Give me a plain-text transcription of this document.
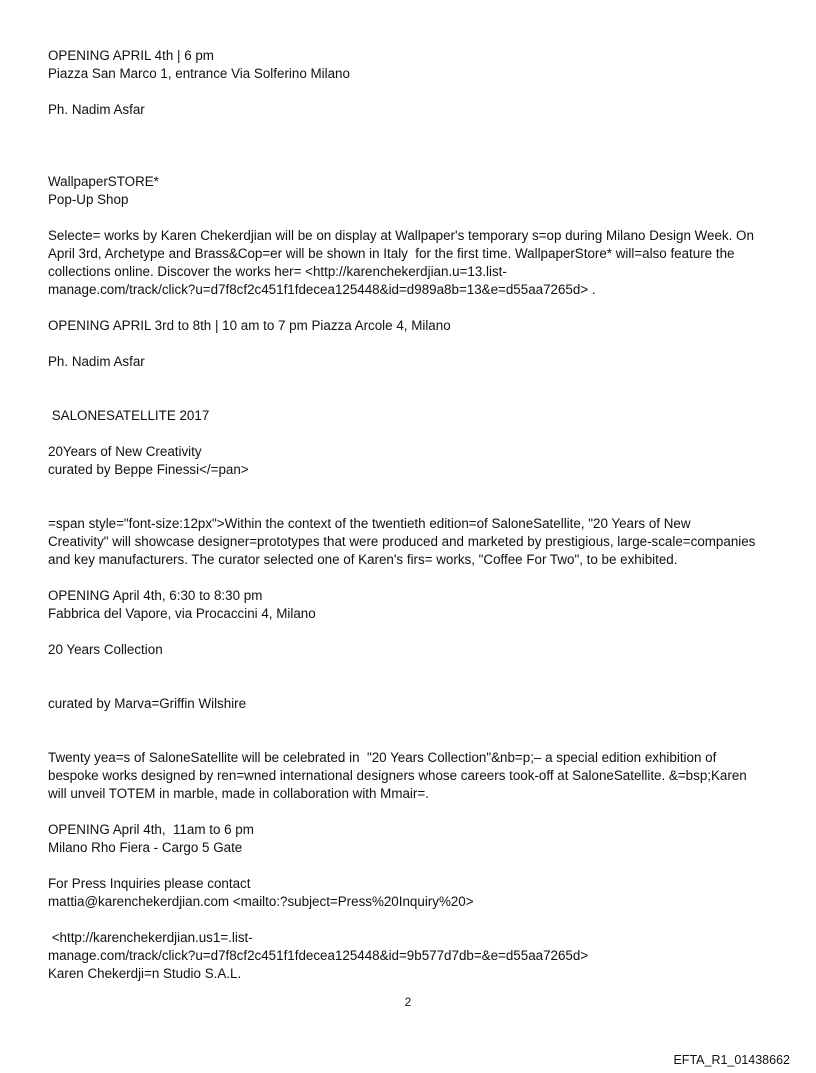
OPENING APRIL 4th | 6 pm
Piazza San Marco 1, entrance Via Solferino Milano
Ph. Nadim Asfar
WallpaperSTORE*
Pop-Up Shop
Selecte= works by Karen Chekerdjian will be on display at Wallpaper's temporary s=op during Milano Design Week. On
April 3rd, Archetype and Brass&Cop=er will be shown in Italy  for the first time. WallpaperStore* will=also feature the
collections online. Discover the works her= <http://karenchekerdjian.u=13.list-
manage.com/track/click?u=d7f8cf2c451f1fdecea125448&id=d989a8b=13&e=d55aa7265d> .
OPENING APRIL 3rd to 8th | 10 am to 7 pm Piazza Arcole 4, Milano
Ph. Nadim Asfar
SALONESATELLITE 2017
20Years of New Creativity
curated by Beppe Finessi</=pan>
=span style="font-size:12px">Within the context of the twentieth edition=of SaloneSatellite, "20 Years of New
Creativity" will showcase designer=prototypes that were produced and marketed by prestigious, large-scale=companies
and key manufacturers. The curator selected one of Karen's firs= works, "Coffee For Two", to be exhibited.
OPENING April 4th, 6:30 to 8:30 pm
Fabbrica del Vapore, via Procaccini 4, Milano
20 Years Collection
curated by Marva=Griffin Wilshire
Twenty yea=s of SaloneSatellite will be celebrated in  "20 Years Collection"&nb=p;– a special edition exhibition of
bespoke works designed by ren=wned international designers whose careers took-off at SaloneSatellite. &=bsp;Karen
will unveil TOTEM in marble, made in collaboration with Mmair=.
OPENING April 4th,  11am to 6 pm
Milano Rho Fiera - Cargo 5 Gate
For Press Inquiries please contact
mattia@karenchekerdjian.com <mailto:?subject=Press%20Inquiry%20>
<http://karenchekerdjian.us1=.list-
manage.com/track/click?u=d7f8cf2c451f1fdecea125448&id=9b577d7db=&e=d55aa7265d>
Karen Chekerdji=n Studio S.A.L.
2
EFTA_R1_01438662
